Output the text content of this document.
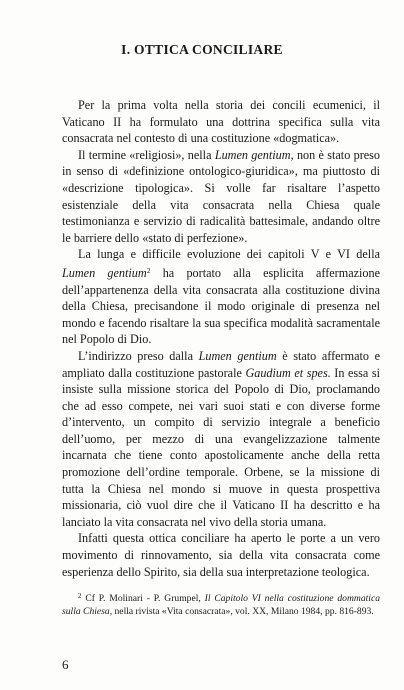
I. OTTICA CONCILIARE

Per la prima volta nella storia dei concili ecumenici, il Vaticano II ha formulato una dottrina specifica sulla vita consacrata nel contesto di una costituzione «dogmatica».

Il termine «religiosi», nella Lumen gentium, non è stato preso in senso di «definizione ontologico-giuridica», ma piuttosto di «descrizione tipologica». Si volle far risaltare l’aspetto esistenziale della vita consacrata nella Chiesa quale testimonianza e servizio di radicalità battesimale, andando oltre le barriere dello «stato di perfezione».

La lunga e difficile evoluzione dei capitoli V e VI della Lumen gentium$^2$ ha portato alla esplicita affermazione dell’appartenenza della vita consacrata alla costituzione divina della Chiesa, precisandone il modo originale di presenza nel mondo e facendo risaltare la sua specifica modalità sacramentale nel Popolo di Dio.

L’indirizzo preso dalla Lumen gentium è stato affermato e ampliato dalla costituzione pastorale Gaudium et spes. In essa si insiste sulla missione storica del Popolo di Dio, proclamando che ad esso compete, nei vari suoi stati e con diverse forme d’intervento, un compito di servizio integrale a beneficio dell’uomo, per mezzo di una evangelizzazione talmente incarnata che tiene conto apostolicamente anche della retta promozione dell’ordine temporale. Orbene, se la missione di tutta la Chiesa nel mondo si muove in questa prospettiva missionaria, ciò vuol dire che il Vaticano II ha descritto e ha lanciato la vita consacrata nel vivo della storia umana.

Infatti questa ottica conciliare ha aperto le porte a un vero movimento di rinnovamento, sia della vita consacrata come esperienza dello Spirito, sia della sua interpretazione teologica.

$^2$ Cf P. Molinari - P. Grumpel, Il Capitolo VI nella costituzione dommatica sulla Chiesa, nella rivista «Vita consacrata», vol. XX, Milano 1984, pp. 816-893.
6
